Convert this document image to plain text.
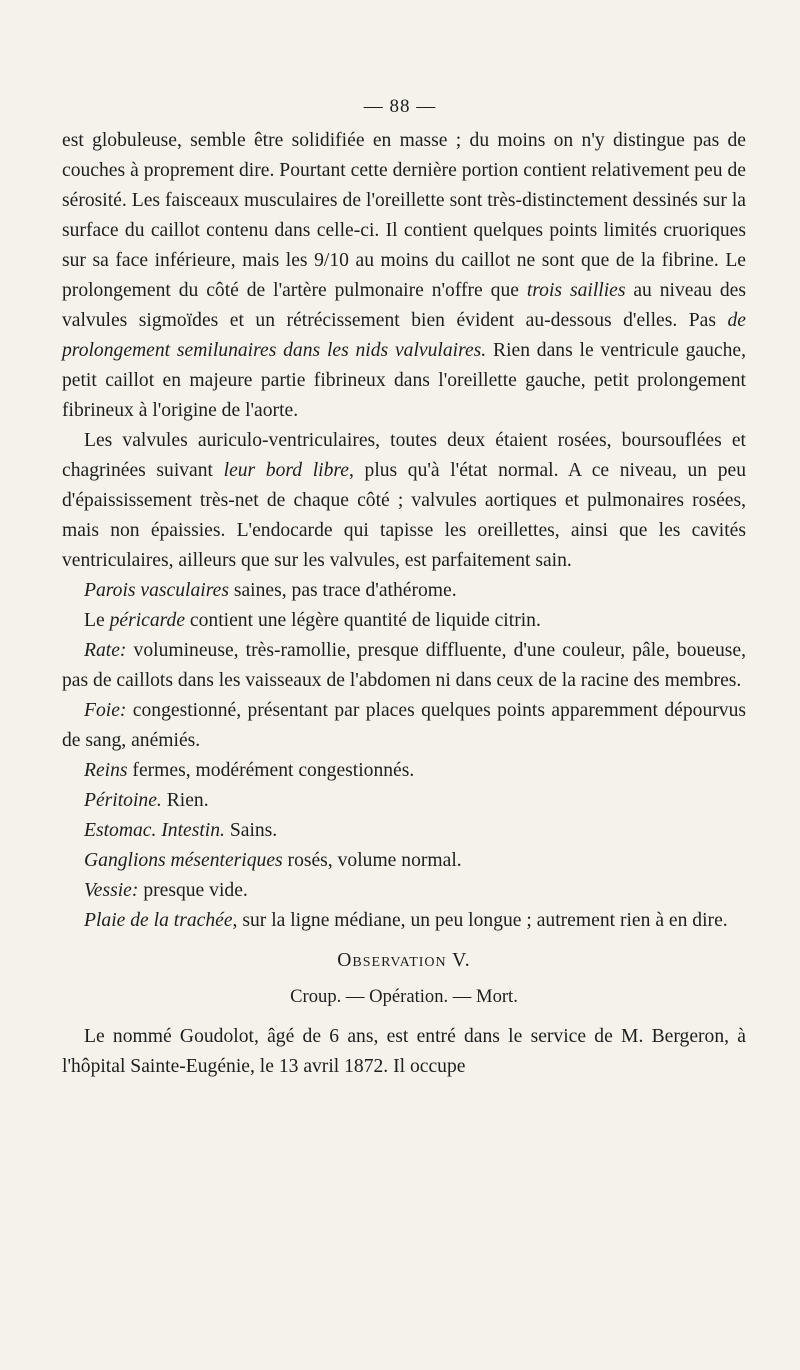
— 88 —

est globuleuse, semble être solidifiée en masse ; du moins on n'y distingue pas de couches à proprement dire. Pourtant cette dernière portion contient relativement peu de sérosité. Les faisceaux musculaires de l'oreillette sont très-distinctement dessinés sur la surface du caillot contenu dans celle-ci. Il contient quelques points limités cruoriques sur sa face inférieure, mais les 9/10 au moins du caillot ne sont que de la fibrine. Le prolongement du côté de l'artère pulmonaire n'offre que trois saillies au niveau des valvules sigmoïdes et un rétrécissement bien évident au-dessous d'elles. Pas de prolongement semilunaires dans les nids valvulaires. Rien dans le ventricule gauche, petit caillot en majeure partie fibrineux dans l'oreillette gauche, petit prolongement fibrineux à l'origine de l'aorte.

Les valvules auriculo-ventriculaires, toutes deux étaient rosées, boursouflées et chagrinées suivant leur bord libre, plus qu'à l'état normal. A ce niveau, un peu d'épaississement très-net de chaque côté ; valvules aortiques et pulmonaires rosées, mais non épaissies. L'endocarde qui tapisse les oreillettes, ainsi que les cavités ventriculaires, ailleurs que sur les valvules, est parfaitement sain.

Parois vasculaires saines, pas trace d'athérome.

Le péricarde contient une légère quantité de liquide citrin.

Rate: volumineuse, très-ramollie, presque diffluente, d'une couleur, pâle, boueuse, pas de caillots dans les vaisseaux de l'abdomen ni dans ceux de la racine des membres.

Foie: congestionné, présentant par places quelques points apparemment dépourvus de sang, anémiés.

Reins fermes, modérément congestionnés.

Péritoine. Rien.

Estomac. Intestin. Sains.

Ganglions mésenteriques rosés, volume normal.

Vessie: presque vide.

Plaie de la trachée, sur la ligne médiane, un peu longue ; autrement rien à en dire.

Observation V.
Croup. — Opération. — Mort.

Le nommé Goudolot, âgé de 6 ans, est entré dans le service de M. Bergeron, à l'hôpital Sainte-Eugénie, le 13 avril 1872. Il occupe
